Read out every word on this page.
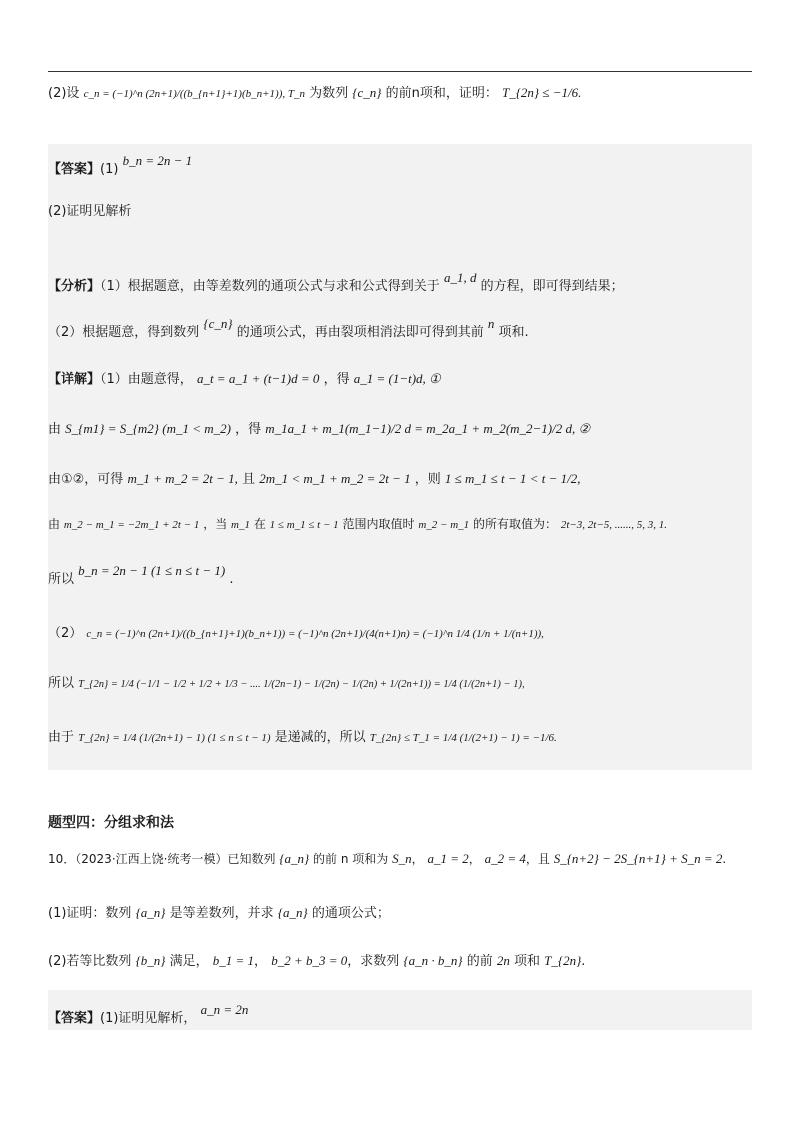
(2)设 c_n = (−1)^n (2n+1)/((b_{n+1}+1)(b_n+1)), T_n 为数列 {c_n} 的前n项和，证明： T_{2n} ≤ −1/6.
【答案】(1) b_n = 2n − 1
(2)证明见解析
【分析】（1）根据题意，由等差数列的通项公式与求和公式得到关于 a_1, d 的方程，即可得到结果；
（2）根据题意，得到数列 {c_n} 的通项公式，再由裂项相消法即可得到其前 n 项和.
【详解】（1）由题意得， a_t = a_1 + (t−1)d = 0 ，得 a_1 = (1−t)d, ①
由 S_{m1} = S_{m2} (m_1 < m_2) ，得 m_1a_1 + m_1(m_1−1)/2 d = m_2a_1 + m_2(m_2−1)/2 d, ②
由①②，可得 m_1 + m_2 = 2t − 1, 且 2m_1 < m_1 + m_2 = 2t − 1 ，则 1 ≤ m_1 ≤ t − 1 < t − 1/2,
由 m_2 − m_1 = −2m_1 + 2t − 1 ，当 m_1 在 1 ≤ m_1 ≤ t − 1 范围内取值时 m_2 − m_1 的所有取值为： 2t−3, 2t−5, ......, 5, 3, 1.
所以 b_n = 2n − 1 (1 ≤ n ≤ t − 1) .
（2） c_n = (−1)^n (2n+1)/((b_{n+1}+1)(b_n+1)) = (−1)^n (2n+1)/(4(n+1)n) = (−1)^n 1/4 (1/n + 1/(n+1)),
所以 T_{2n} = 1/4 (−1/1 − 1/2 + 1/2 + 1/3 − .... 1/(2n−1) − 1/(2n) − 1/(2n) + 1/(2n+1)) = 1/4 (1/(2n+1) − 1),
由于 T_{2n} = 1/4 (1/(2n+1) − 1) (1 ≤ n ≤ t − 1) 是递减的，所以 T_{2n} ≤ T_1 = 1/4 (1/(2+1) − 1) = −1/6.
题型四：分组求和法
10．（2023·江西上饶·统考一模）已知数列 {a_n} 的前 n 项和为 S_n， a_1 = 2， a_2 = 4，且 S_{n+2} − 2S_{n+1} + S_n = 2.
(1)证明：数列 {a_n} 是等差数列，并求 {a_n} 的通项公式；
(2)若等比数列 {b_n} 满足， b_1 = 1， b_2 + b_3 = 0，求数列 {a_n · b_n} 的前 2n 项和 T_{2n}.
【答案】(1)证明见解析， a_n = 2n
